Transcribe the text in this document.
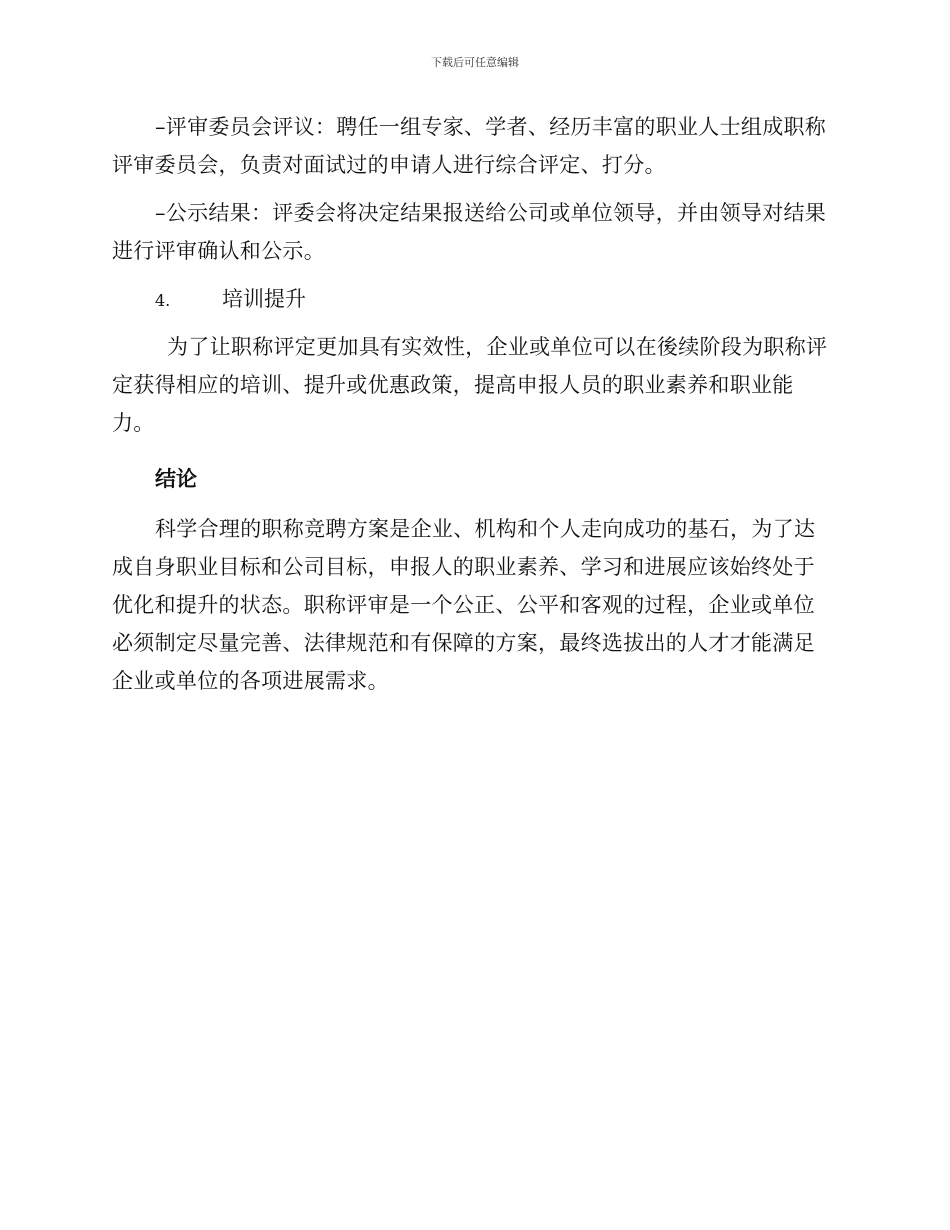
下载后可任意编辑

–评审委员会评议：聘任一组专家、学者、经历丰富的职业人士组成职称评审委员会，负责对面试过的申请人进行综合评定、打分。

–公示结果：评委会将决定结果报送给公司或单位领导，并由领导对结果进行评审确认和公示。

4.	培训提升

为了让职称评定更加具有实效性，企业或单位可以在後续阶段为职称评定获得相应的培训、提升或优惠政策，提高申报人员的职业素养和职业能力。

结论

科学合理的职称竞聘方案是企业、机构和个人走向成功的基石，为了达成自身职业目标和公司目标，申报人的职业素养、学习和进展应该始终处于优化和提升的状态。职称评审是一个公正、公平和客观的过程，企业或单位必须制定尽量完善、法律规范和有保障的方案，最终选拔出的人才才能满足企业或单位的各项进展需求。
